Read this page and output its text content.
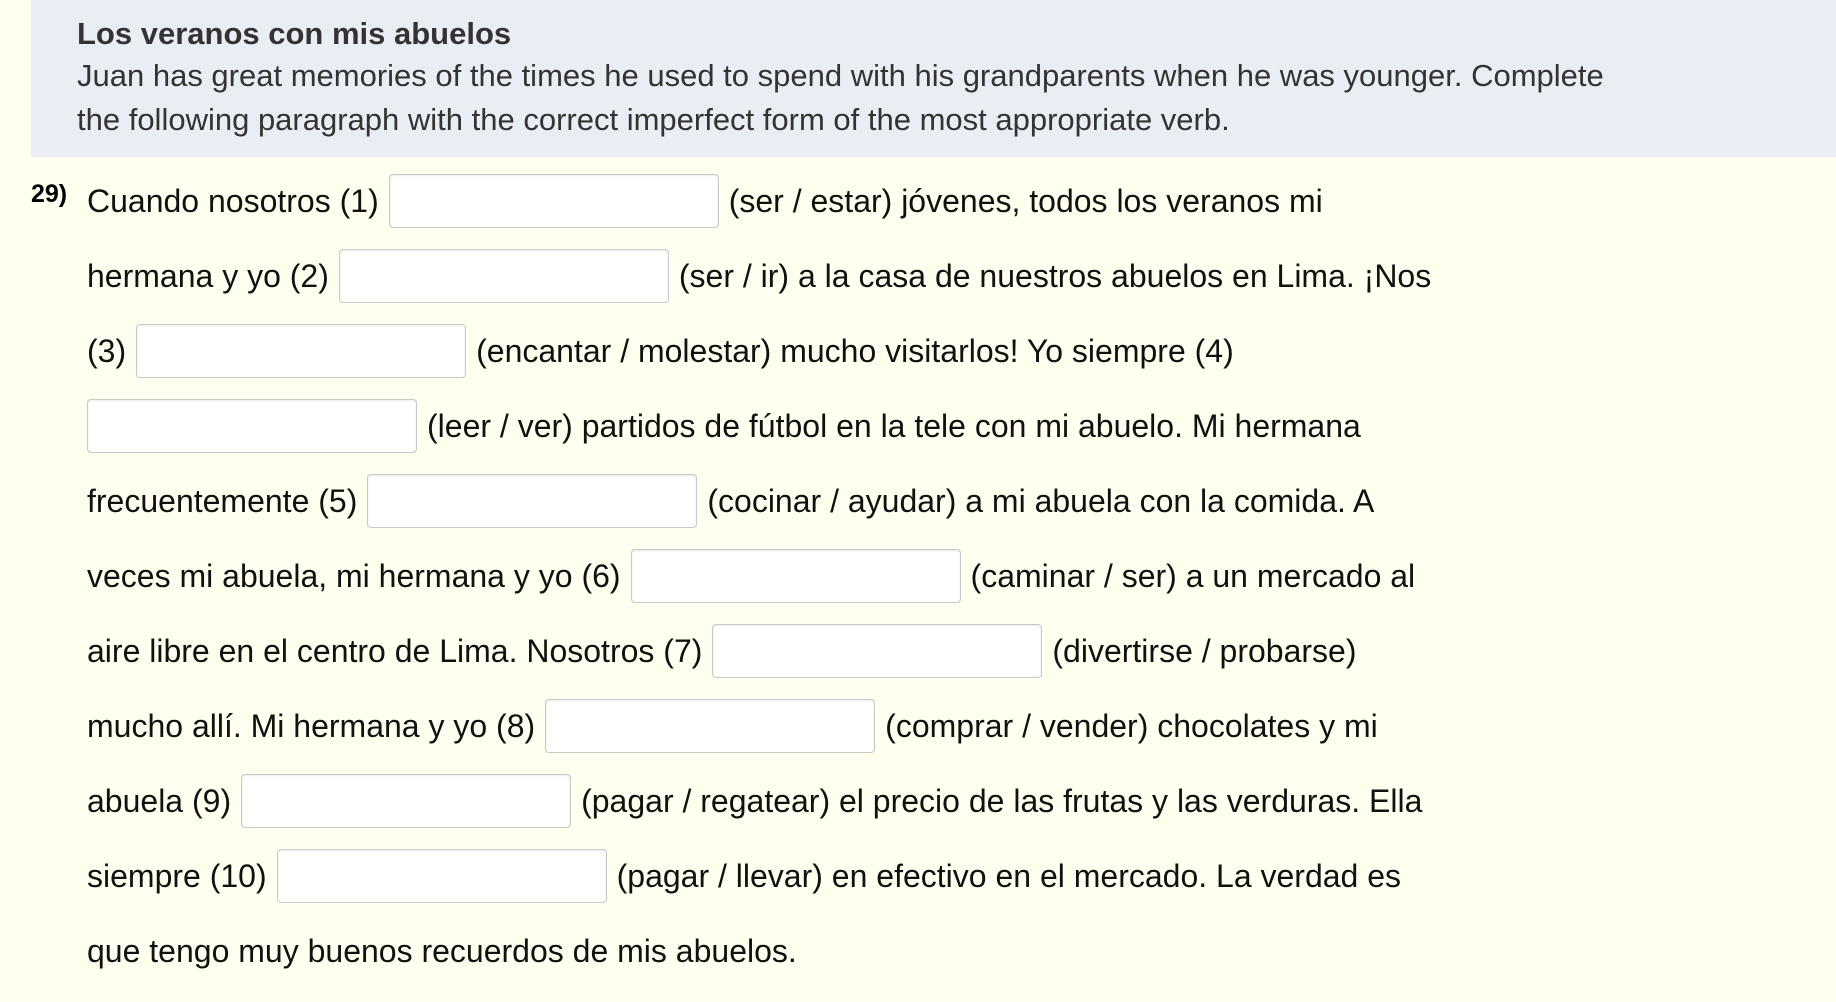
Los veranos con mis abuelos

Juan has great memories of the times he used to spend with his grandparents when he was younger. Complete

the following paragraph with the correct imperfect form of the most appropriate verb.

29) Cuando nosotros (1)	(ser / estar) jóvenes, todos los veranos mi
hermana y yo (2)	(ser / ir) a la casa de nuestros abuelos en Lima. ¡Nos
(3)	(encantar / molestar) mucho visitarlos! Yo siempre (4)
(leer / ver) partidos de fútbol en la tele con mi abuelo. Mi hermana
frecuentemente (5)	(cocinar / ayudar) a mi abuela con la comida. A
veces mi abuela, mi hermana y yo (6)	(caminar / ser) a un mercado al
aire libre en el centro de Lima. Nosotros (7)	(divertirse / probarse)
mucho allí. Mi hermana y yo (8)	(comprar / vender) chocolates y mi
abuela (9)	(pagar / regatear) el precio de las frutas y las verduras. Ella
siempre (10)	(pagar / llevar) en efectivo en el mercado. La verdad es
que tengo muy buenos recuerdos de mis abuelos.
